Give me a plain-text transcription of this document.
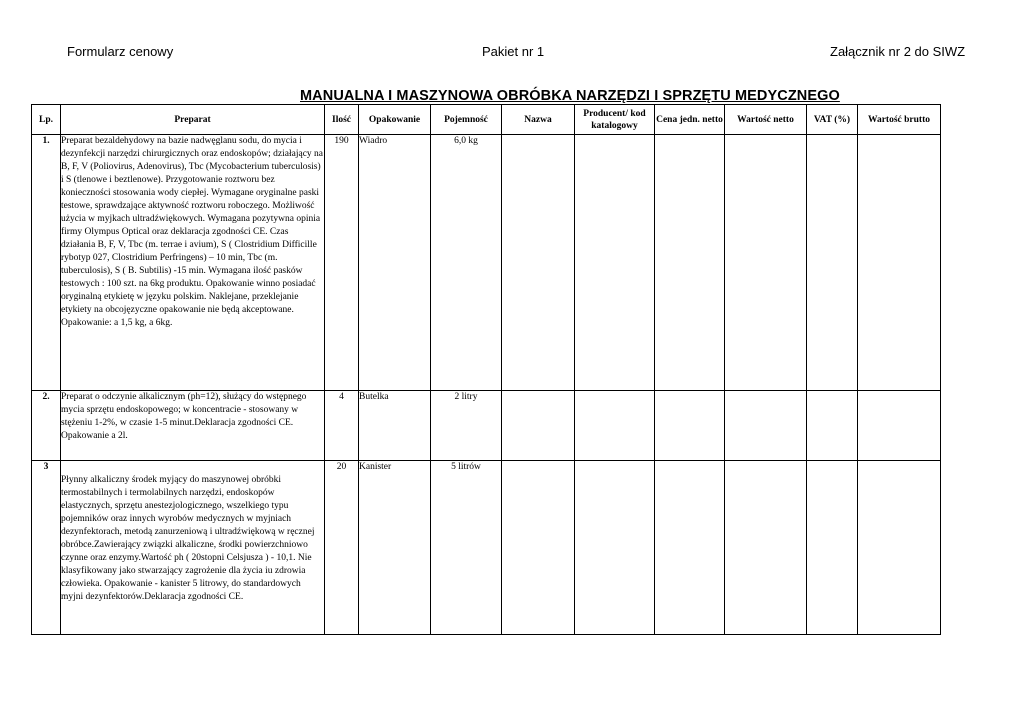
Formularz cenowy	Pakiet nr 1	Załącznik nr 2 do SIWZ
MANUALNA I MASZYNOWA OBRÓBKA NARZĘDZI I SPRZĘTU MEDYCZNEGO
Lp.	Preparat	Ilość	Opakowanie	Pojemność	Nazwa	Producent/ kod katalogowy	Cena jedn. netto	Wartość netto	VAT (%)	Wartość brutto
1.	Preparat bezaldehydowy na bazie nadwęglanu sodu, do mycia i dezynfekcji narzędzi chirurgicznych oraz endoskopów; działający na B, F, V (Poliovirus, Adenovirus), Tbc (Mycobacterium tuberculosis) i S (tlenowe i beztlenowe). Przygotowanie roztworu bez konieczności stosowania wody ciepłej. Wymagane oryginalne paski testowe, sprawdzające aktywność roztworu roboczego. Możliwość użycia w myjkach ultradźwiękowych. Wymagana pozytywna opinia firmy Olympus Optical oraz deklaracja zgodności CE. Czas działania B, F, V, Tbc (m. terrae i avium), S ( Clostridium Difficille rybotyp 027, Clostridium Perfringens) – 10 min, Tbc (m. tuberculosis), S ( B. Subtilis) -15 min. Wymagana ilość pasków testowych : 100 szt. na 6kg produktu. Opakowanie winno posiadać oryginalną etykietę w języku polskim. Naklejane, przeklejanie etykiety na obcojęzyczne opakowanie nie będą akceptowane.
Opakowanie: a 1,5 kg, a 6kg.	190	Wiadro	6,0 kg						
2.	Preparat o odczynie alkalicznym (ph=12), służący do wstępnego mycia sprzętu endoskopowego; w koncentracie - stosowany w stężeniu 1-2%, w czasie 1-5 minut.Deklaracja zgodności CE. Opakowanie a 2l.	4	Butelka	2 litry						
3	Płynny alkaliczny środek myjący do maszynowej obróbki termostabilnych i termolabilnych narzędzi, endoskopów elastycznych, sprzętu anestezjologicznego, wszelkiego typu pojemników oraz innych wyrobów medycznych w myjniach dezynfektorach, metodą zanurzeniową i ultradźwiękową w ręcznej obróbce.Zawierający związki alkaliczne, środki powierzchniowo czynne oraz enzymy.Wartość ph ( 20stopni Celsjusza ) - 10,1. Nie klasyfikowany jako stwarzający zagrożenie dla życia iu zdrowia człowieka. Opakowanie - kanister 5 litrowy, do standardowych myjni dezynfektorów.Deklaracja zgodności CE.	20	Kanister	5 litrów						
